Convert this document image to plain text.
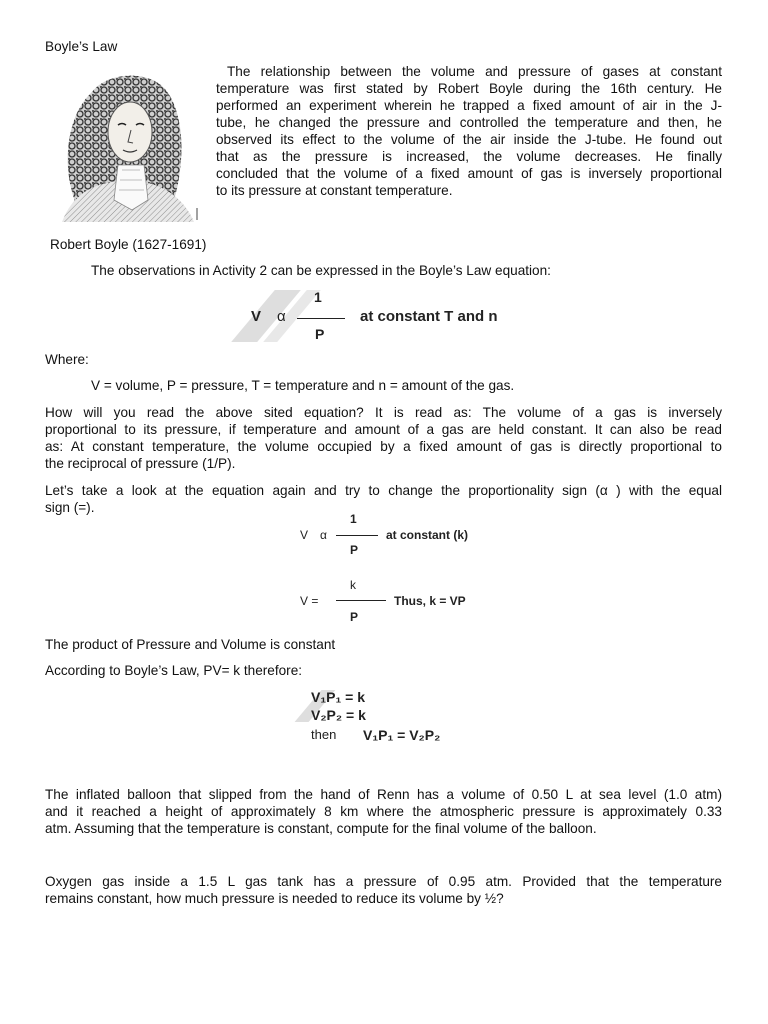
Boyle’s Law
The relationship between the volume and pressure of gases at constant
temperature was first stated by Robert Boyle during the 16th century. He
performed an experiment wherein he trapped a fixed amount of air in the J-
tube, he changed the pressure and controlled the temperature and then, he
observed its effect to the volume of the air inside the J-tube. He found out
that as the pressure is increased, the volume decreases. He finally
concluded that the volume of a fixed amount of gas is inversely proportional
to its pressure at constant temperature.
Robert Boyle (1627-1691)
The observations in Activity 2 can be expressed in the Boyle’s Law equation:
V α
1
P
at constant T and n
Where:
V = volume, P = pressure, T = temperature and n = amount of the gas.
How will you read the above sited equation? It is read as: The volume of a gas is inversely
proportional to its pressure, if temperature and amount of a gas are held constant. It can also be read
as: At constant temperature, the volume occupied by a fixed amount of gas is directly proportional to
the reciprocal of pressure (1/P).
Let’s take a look at the equation again and try to change the proportionality sign (α ) with the equal
sign (=).
V α
1
P
at constant (k)
V =
k
P
Thus, k = VP
The product of Pressure and Volume is constant
According to Boyle’s Law, PV= k therefore:
V₁P₁ = k
V₂P₂ = k
then V₁P₁ = V₂P₂
The inflated balloon that slipped from the hand of Renn has a volume of 0.50 L at sea level (1.0 atm)
and it reached a height of approximately 8 km where the atmospheric pressure is approximately 0.33
atm. Assuming that the temperature is constant, compute for the final volume of the balloon.
Oxygen gas inside a 1.5 L gas tank has a pressure of 0.95 atm. Provided that the temperature
remains constant, how much pressure is needed to reduce its volume by ½?
